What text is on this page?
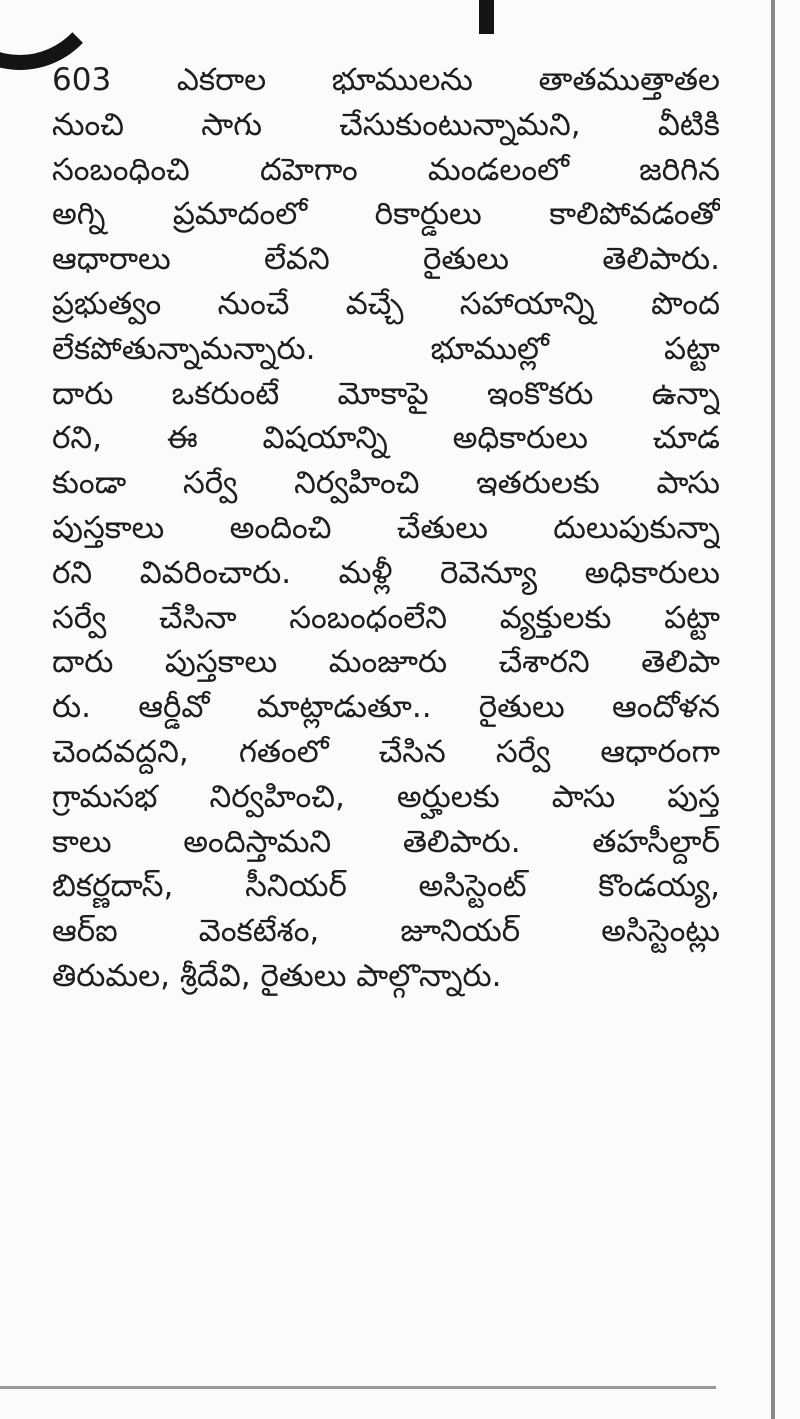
603 ఎకరాల భూములను తాతముత్తాతల
నుంచి సాగు చేసుకుంటున్నామని, వీటికి
సంబంధించి దహెగాం మండలంలో జరిగిన
అగ్ని ప్రమాదంలో రికార్డులు కాలిపోవడంతో
ఆధారాలు లేవని రైతులు తెలిపారు.
ప్రభుత్వం నుంచే వచ్చే సహాయాన్ని పొంద
లేకపోతున్నామన్నారు. భూముల్లో పట్టా
దారు ఒకరుంటే మోకాపై ఇంకొకరు ఉన్నా
రని, ఈ విషయాన్ని అధికారులు చూడ
కుండా సర్వే నిర్వహించి ఇతరులకు పాసు
పుస్తకాలు అందించి చేతులు దులుపుకున్నా
రని వివరించారు. మళ్లీ రెవెన్యూ అధికారులు
సర్వే చేసినా సంబంధంలేని వ్యక్తులకు పట్టా
దారు పుస్తకాలు మంజూరు చేశారని తెలిపా
రు. ఆర్డీవో మాట్లాడుతూ.. రైతులు ఆందోళన
చెందవద్దని, గతంలో చేసిన సర్వే ఆధారంగా
గ్రామసభ నిర్వహించి, అర్హులకు పాసు పుస్త
కాలు అందిస్తామని తెలిపారు. తహసీల్దార్
బికర్ణదాస్, సీనియర్ అసిస్టెంట్ కొండయ్య,
ఆర్ఐ వెంకటేశం, జూనియర్ అసిస్టెంట్లు
తిరుమల, శ్రీదేవి, రైతులు పాల్గొన్నారు.
